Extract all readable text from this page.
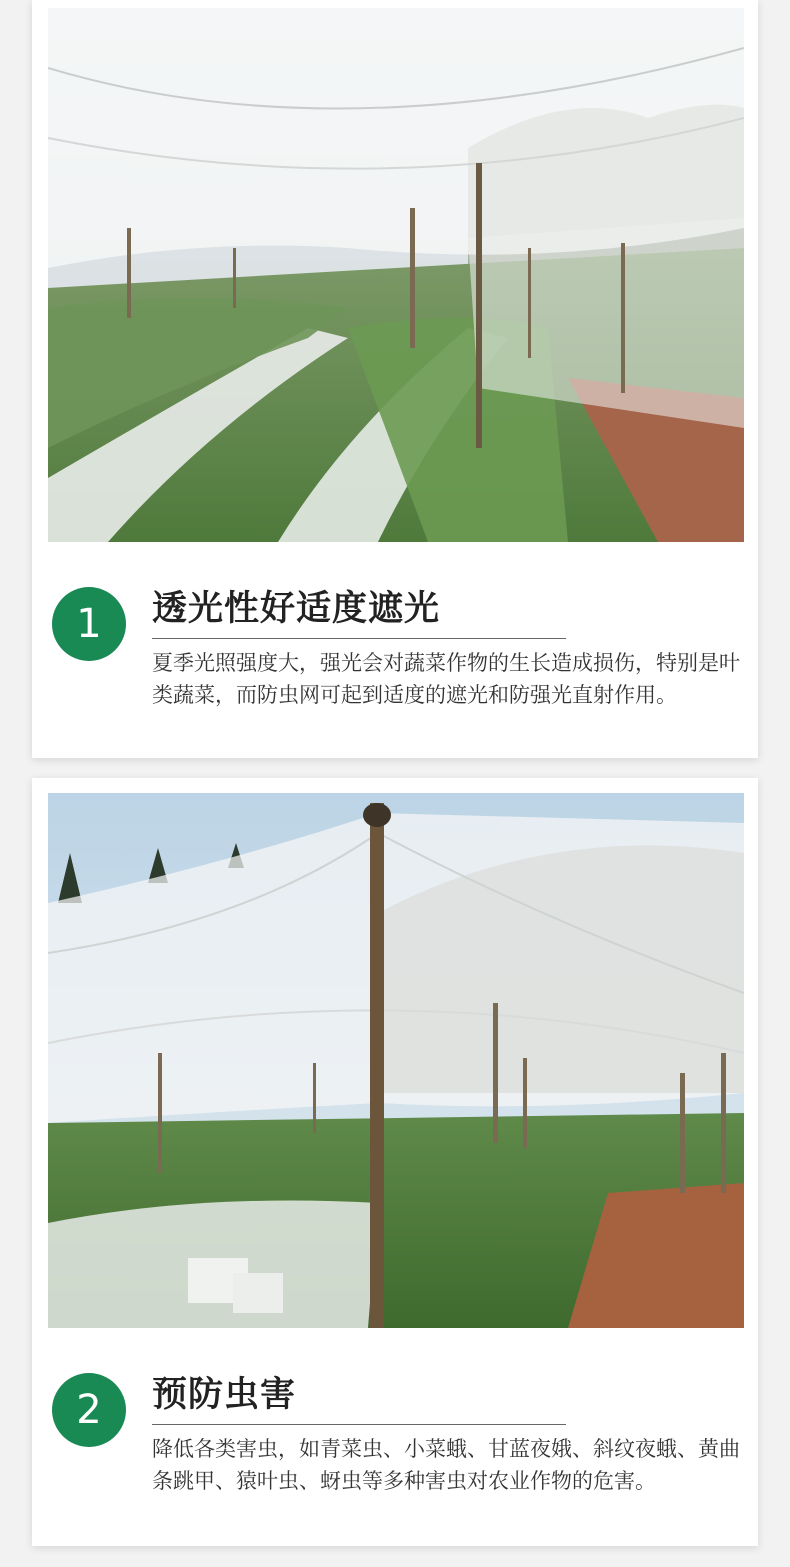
1	透光性好适度遮光

夏季光照强度大，强光会对蔬菜作物的生长造成损伤，特别是叶类蔬菜，而防虫网可起到适度的遮光和防强光直射作用。

2	预防虫害

降低各类害虫，如青菜虫、小菜蛾、甘蓝夜娥、斜纹夜蛾、黄曲条跳甲、猿叶虫、蚜虫等多种害虫对农业作物的危害。
